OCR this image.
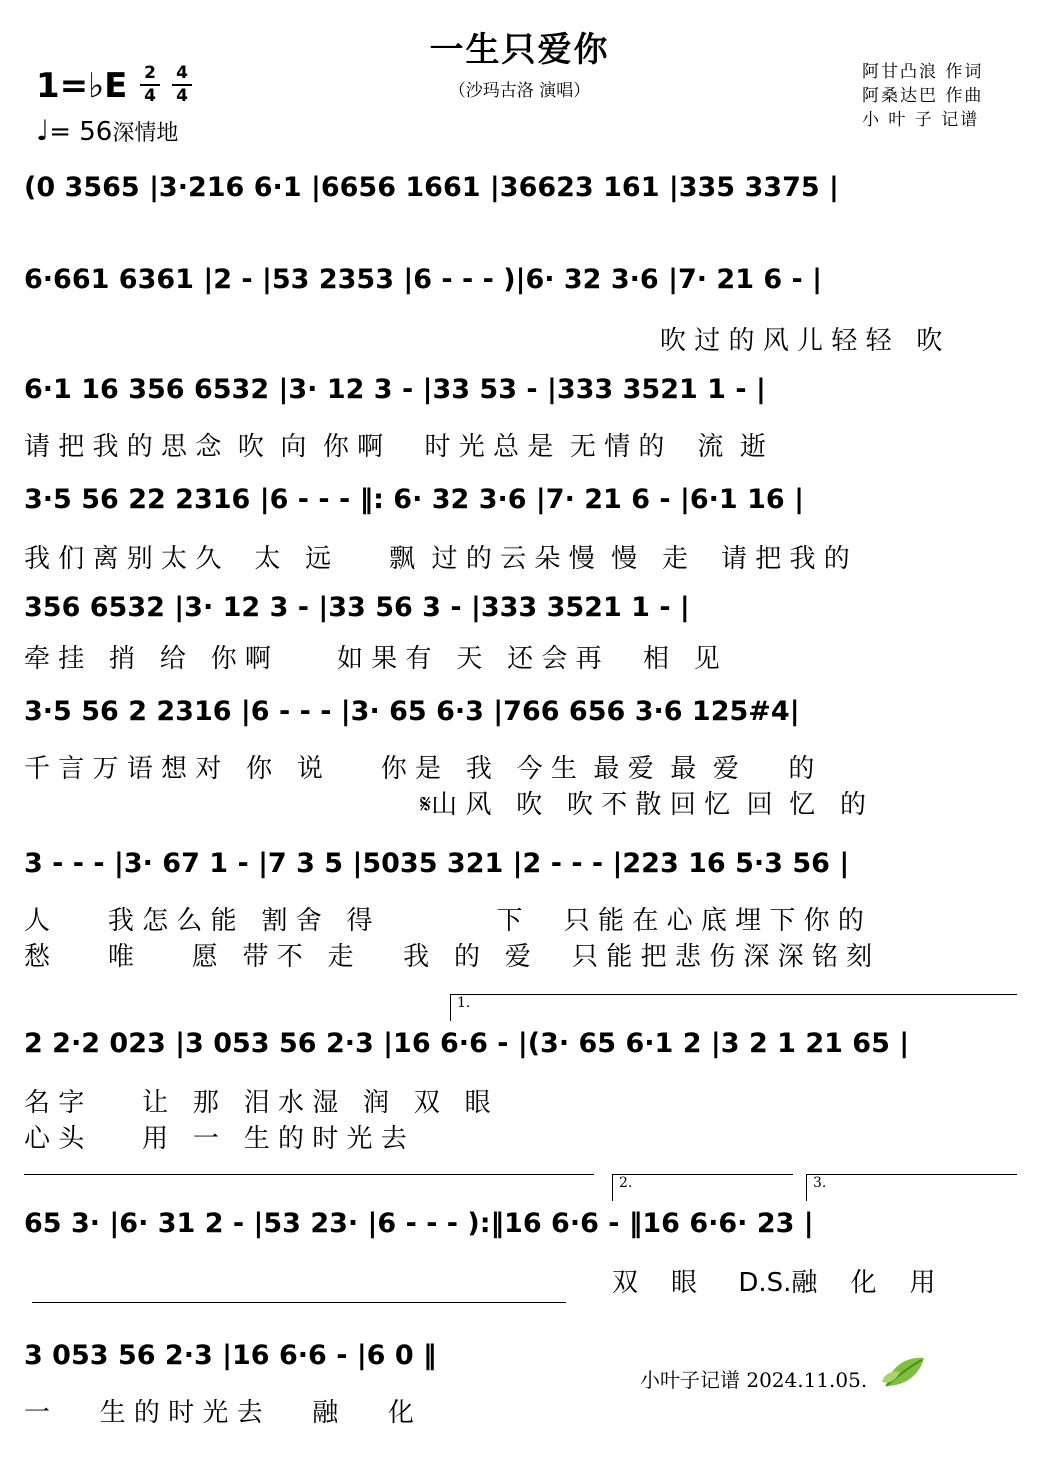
一生只爱你
（沙玛古洛 演唱）
1=♭E 2
4
4
4
♩= 56深情地
阿甘凸浪 作词
阿桑达巴 作曲
小 叶 子 记谱
(0 3565 |3·216 6·1 |6656 1661 |36623 161 |335 3375 |
6·661 6361 |2 - |53 2353 |6 - - - )|6· 32 3·6 |7· 21 6 - |
吹 过 的 风 儿 轻 轻   吹
6·1 16 356 6532 |3· 12 3 - |33 53 - |333 3521 1 - |
请 把 我 的 思 念  吹  向  你 啊     时 光 总 是  无 情 的    流  逝
3·5 56 22 2316 |6 - - - ‖: 6· 32 3·6 |7· 21 6 - |6·1 16 |
我 们 离 别 太 久    太   远       飘  过 的 云 朵 慢  慢   走    请 把 我 的
356 6532 |3· 12 3 - |33 56 3 - |333 3521 1 - |
牵 挂   捎   给   你 啊        如 果 有   天   还 会 再     相   见
3·5 56 2 2316 |6 - - - |3· 65 6·3 |766 656 3·6 125#4|
千 言 万 语 想 对   你   说       你 是   我   今 生  最 爱  最  爱      的
𝄋山 风   吹   吹 不 散 回 忆  回  忆   的
3 - - - |3· 67 1 - |7 3 5 |5035 321 |2 - - - |223 16 5·3 56 |
人       我 怎 么 能   割 舍   得               下     只 能 在 心 底 埋 下 你 的
愁       唯       愿   带 不   走      我   的   爱     只 能 把 悲 伤 深 深 铭 刻
1.
2 2·2 023 |3 053 56 2·3 |16 6·6 - |(3· 65 6·1 2 |3 2 1 21 65 |
名 字       让   那   泪 水 湿   润   双   眼
心 头       用   一   生 的 时 光 去
2.	3.
65 3· |6· 31 2 - |53 23· |6 - - - ):‖16 6·6 - ‖16 6·6· 23 |
双    眼     D.S.融    化    用
3 053 56 2·3 |16 6·6 - |6 0 ‖
一      生 的 时 光 去      融      化
小叶子记谱 2024.11.05.
